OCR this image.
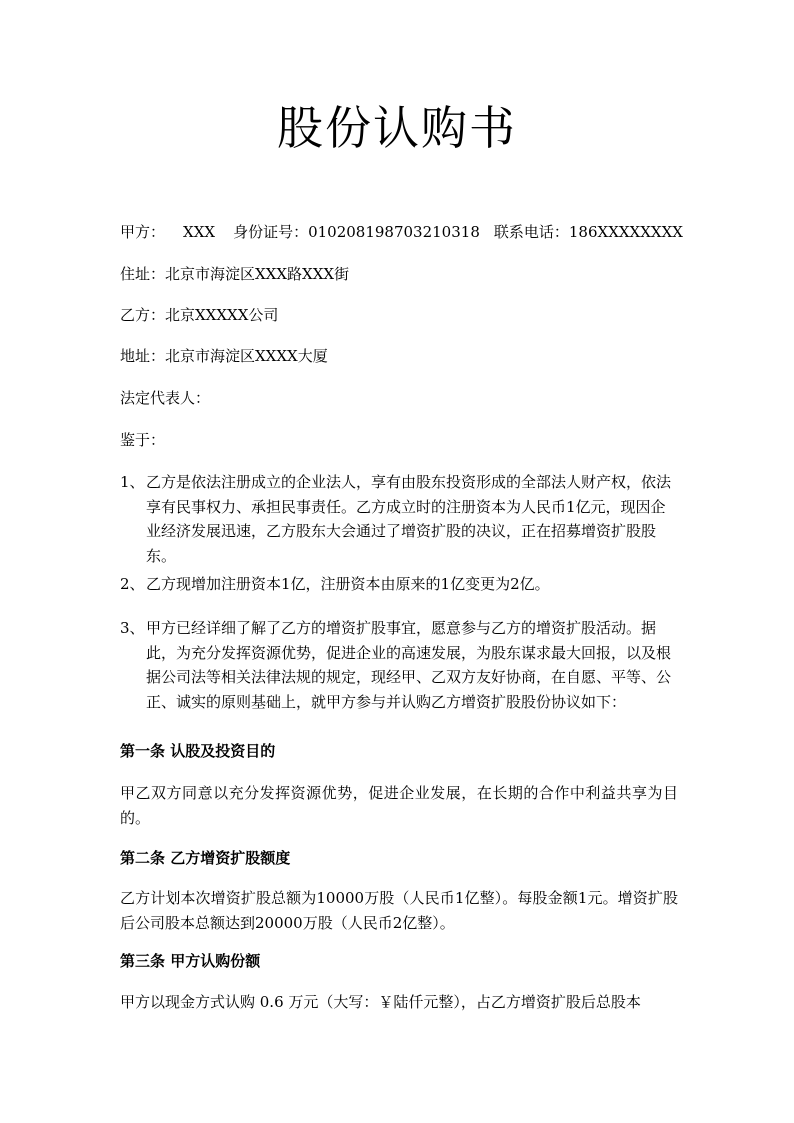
股份认购书

甲方： XXX 身份证号：010208198703210318 联系电话：186XXXXXXXX

住址：北京市海淀区XXX路XXX街

乙方：北京XXXXX公司

地址：北京市海淀区XXXX大厦

法定代表人：

鉴于：

1、 乙方是依法注册成立的企业法人，享有由股东投资形成的全部法人财产权，依法享有民事权力、承担民事责任。乙方成立时的注册资本为人民币1亿元，现因企业经济发展迅速，乙方股东大会通过了增资扩股的决议，正在招募增资扩股股东。
2、 乙方现增加注册资本1亿，注册资本由原来的1亿变更为2亿。
3、 甲方已经详细了解了乙方的增资扩股事宜，愿意参与乙方的增资扩股活动。据此，为充分发挥资源优势，促进企业的高速发展，为股东谋求最大回报，以及根据公司法等相关法律法规的规定，现经甲、乙双方友好协商，在自愿、平等、公正、诚实的原则基础上，就甲方参与并认购乙方增资扩股股份协议如下：

第一条 认股及投资目的

甲乙双方同意以充分发挥资源优势，促进企业发展，在长期的合作中利益共享为目的。

第二条 乙方增资扩股额度

乙方计划本次增资扩股总额为10000万股（人民币1亿整）。每股金额1元。增资扩股后公司股本总额达到20000万股（人民币2亿整）。

第三条 甲方认购份额

甲方以现金方式认购 0.6 万元（大写：￥陆仟元整），占乙方增资扩股后总股本
